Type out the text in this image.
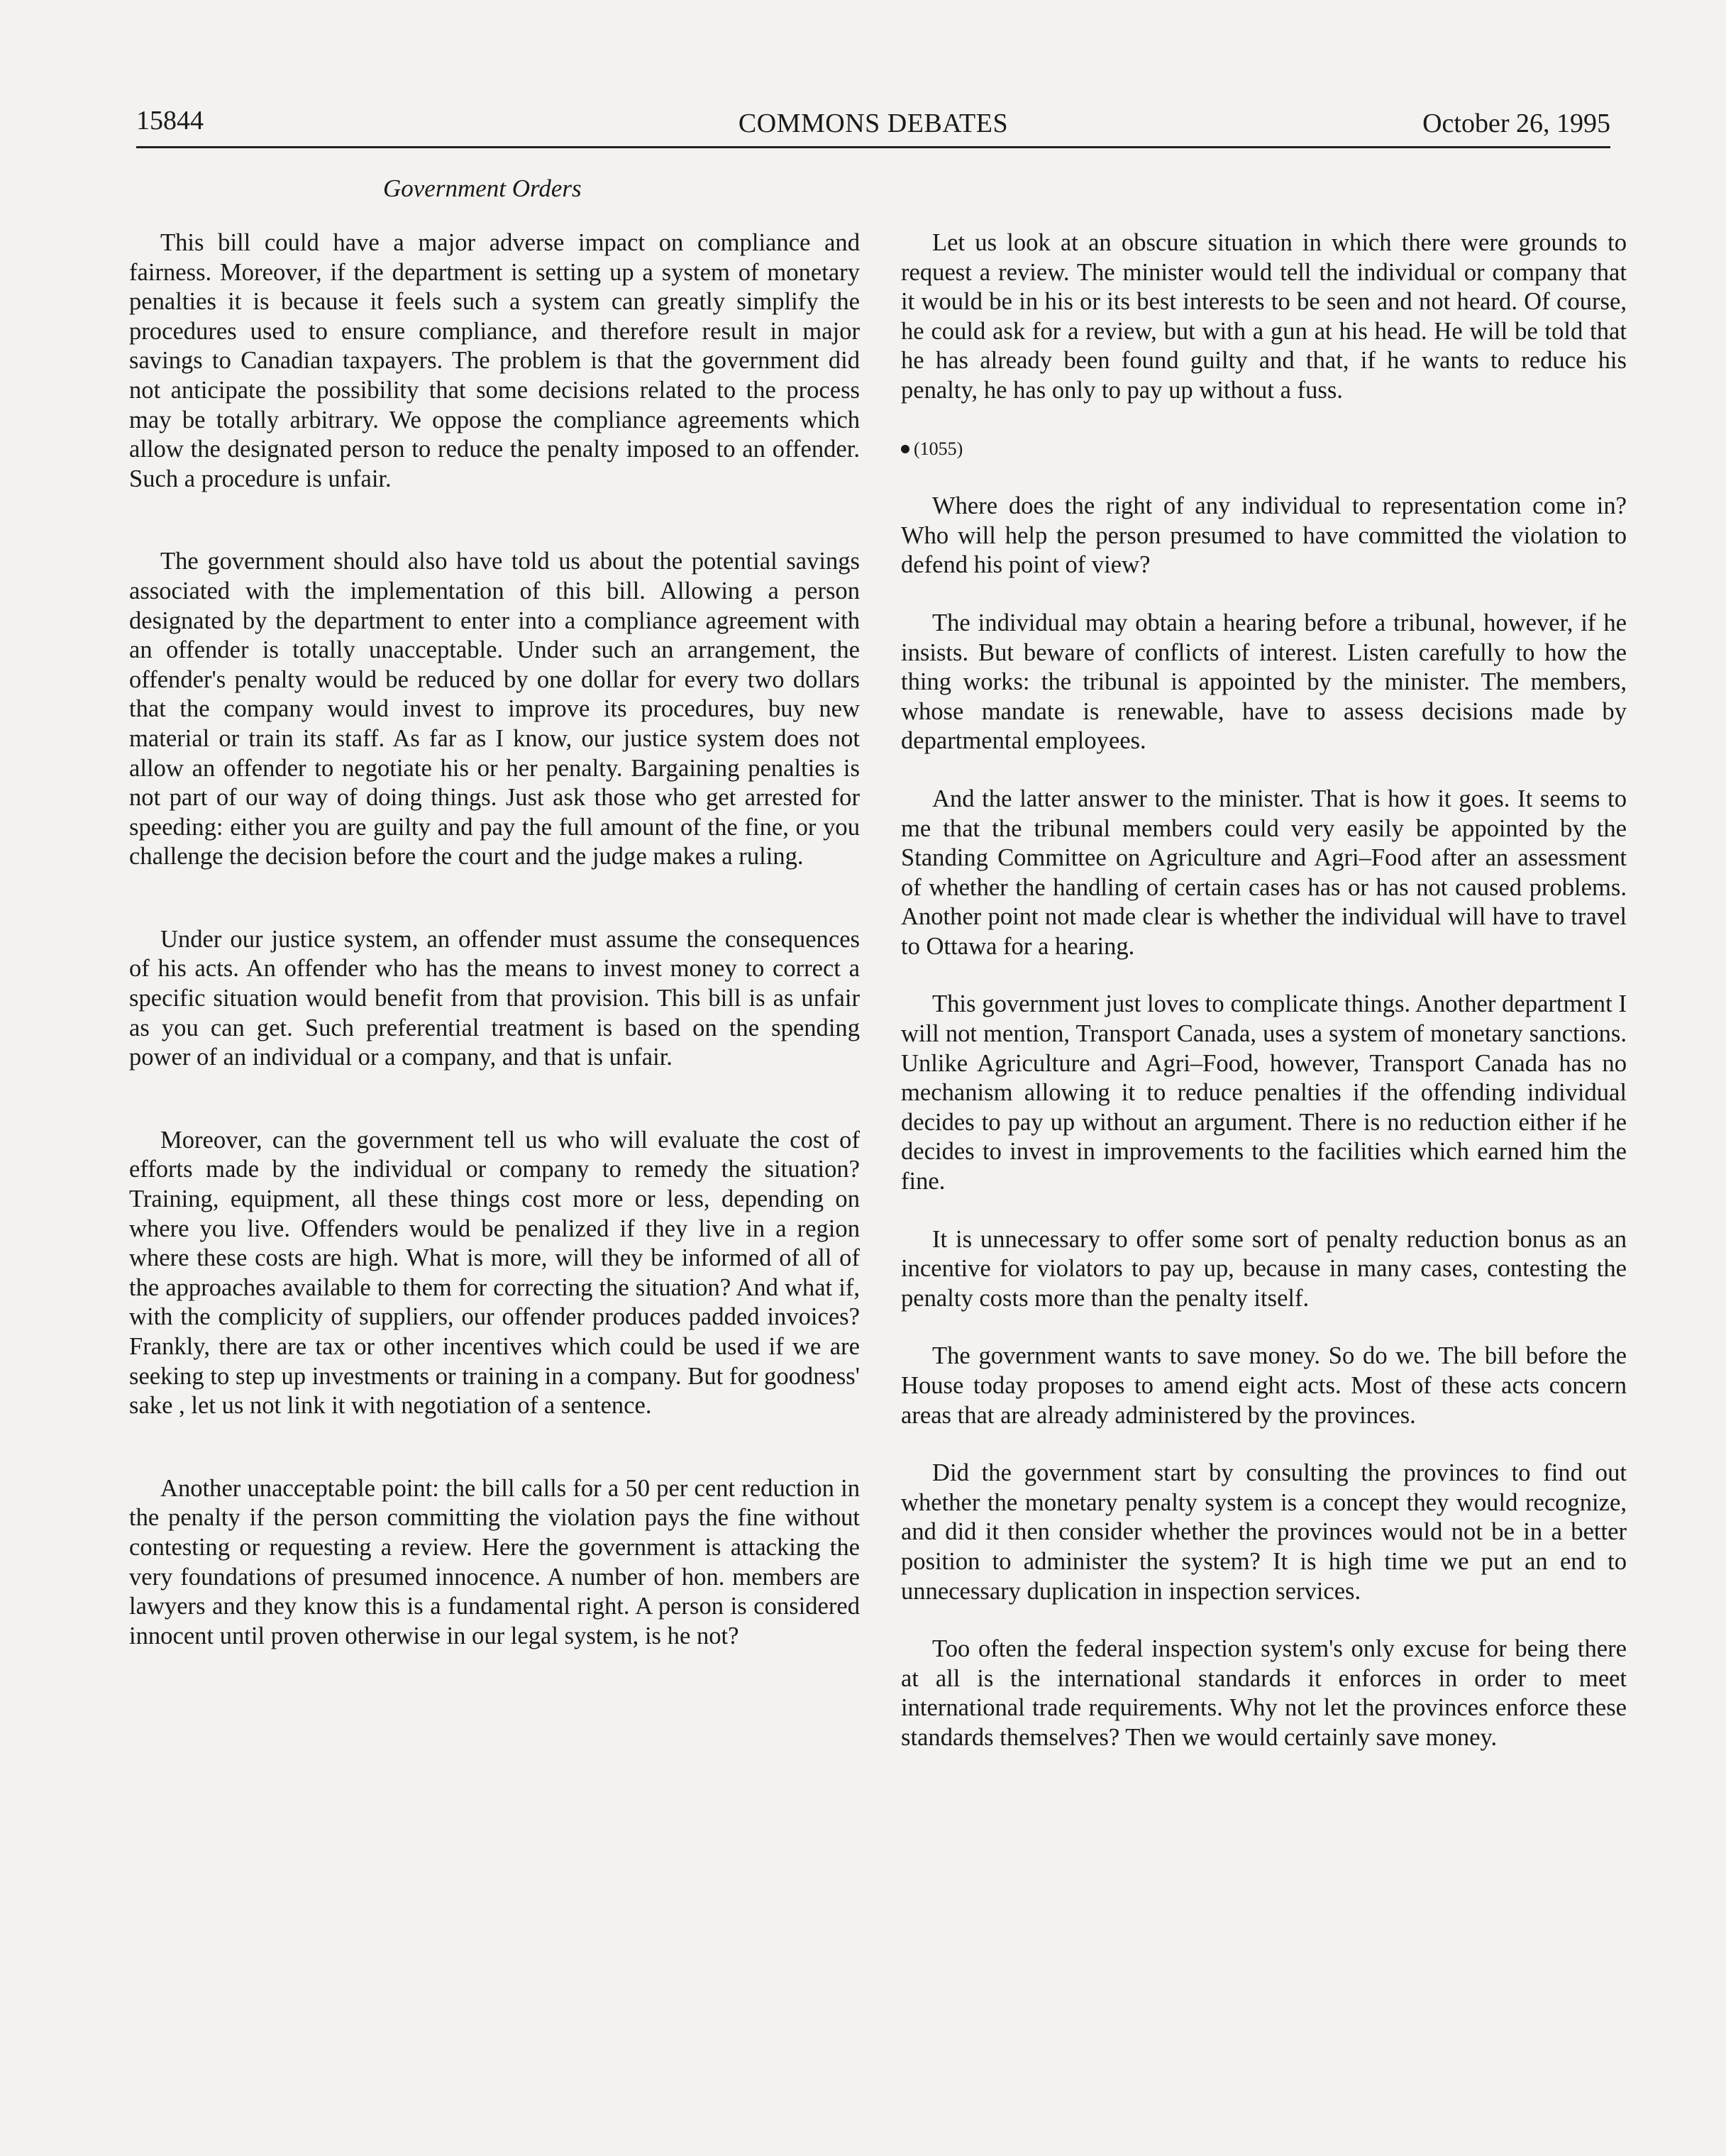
COMMONS DEBATES
15844	October 26, 1995
Government Orders

This bill could have a major adverse impact on compliance and fairness. Moreover, if the department is setting up a system of monetary penalties it is because it feels such a system can greatly simplify the procedures used to ensure compliance, and therefore result in major savings to Canadian taxpayers. The problem is that the government did not anticipate the possibility that some decisions related to the process may be totally arbitrary. We oppose the compliance agreements which allow the designated person to reduce the penalty imposed to an offender. Such a procedure is unfair.

The government should also have told us about the potential savings associated with the implementation of this bill. Allowing a person designated by the department to enter into a compliance agreement with an offender is totally unacceptable. Under such an arrangement, the offender's penalty would be reduced by one dollar for every two dollars that the company would invest to improve its procedures, buy new material or train its staff. As far as I know, our justice system does not allow an offender to negotiate his or her penalty. Bargaining penalties is not part of our way of doing things. Just ask those who get arrested for speeding: either you are guilty and pay the full amount of the fine, or you challenge the decision before the court and the judge makes a ruling.

Under our justice system, an offender must assume the consequences of his acts. An offender who has the means to invest money to correct a specific situation would benefit from that provision. This bill is as unfair as you can get. Such preferential treatment is based on the spending power of an individual or a company, and that is unfair.

Moreover, can the government tell us who will evaluate the cost of efforts made by the individual or company to remedy the situation? Training, equipment, all these things cost more or less, depending on where you live. Offenders would be penalized if they live in a region where these costs are high. What is more, will they be informed of all of the approaches available to them for correcting the situation? And what if, with the complicity of suppliers, our offender produces padded invoices? Frankly, there are tax or other incentives which could be used if we are seeking to step up investments or training in a company. But for goodness' sake , let us not link it with negotiation of a sentence.

Another unacceptable point: the bill calls for a 50 per cent reduction in the penalty if the person committing the violation pays the fine without contesting or requesting a review. Here the government is attacking the very foundations of presumed innocence. A number of hon. members are lawyers and they know this is a fundamental right. A person is considered innocent until proven otherwise in our legal system, is he not?

Let us look at an obscure situation in which there were grounds to request a review. The minister would tell the individual or company that it would be in his or its best interests to be seen and not heard. Of course, he could ask for a review, but with a gun at his head. He will be told that he has already been found guilty and that, if he wants to reduce his penalty, he has only to pay up without a fuss.

(1055)

Where does the right of any individual to representation come in? Who will help the person presumed to have committed the violation to defend his point of view?

The individual may obtain a hearing before a tribunal, however, if he insists. But beware of conflicts of interest. Listen carefully to how the thing works: the tribunal is appointed by the minister. The members, whose mandate is renewable, have to assess decisions made by departmental employees.

And the latter answer to the minister. That is how it goes. It seems to me that the tribunal members could very easily be appointed by the Standing Committee on Agriculture and Agri–Food after an assessment of whether the handling of certain cases has or has not caused problems. Another point not made clear is whether the individual will have to travel to Ottawa for a hearing.

This government just loves to complicate things. Another department I will not mention, Transport Canada, uses a system of monetary sanctions. Unlike Agriculture and Agri–Food, however, Transport Canada has no mechanism allowing it to reduce penalties if the offending individual decides to pay up without an argument. There is no reduction either if he decides to invest in improvements to the facilities which earned him the fine.

It is unnecessary to offer some sort of penalty reduction bonus as an incentive for violators to pay up, because in many cases, contesting the penalty costs more than the penalty itself.

The government wants to save money. So do we. The bill before the House today proposes to amend eight acts. Most of these acts concern areas that are already administered by the provinces.

Did the government start by consulting the provinces to find out whether the monetary penalty system is a concept they would recognize, and did it then consider whether the provinces would not be in a better position to administer the system? It is high time we put an end to unnecessary duplication in inspection services.

Too often the federal inspection system's only excuse for being there at all is the international standards it enforces in order to meet international trade requirements. Why not let the provinces enforce these standards themselves? Then we would certainly save money.
